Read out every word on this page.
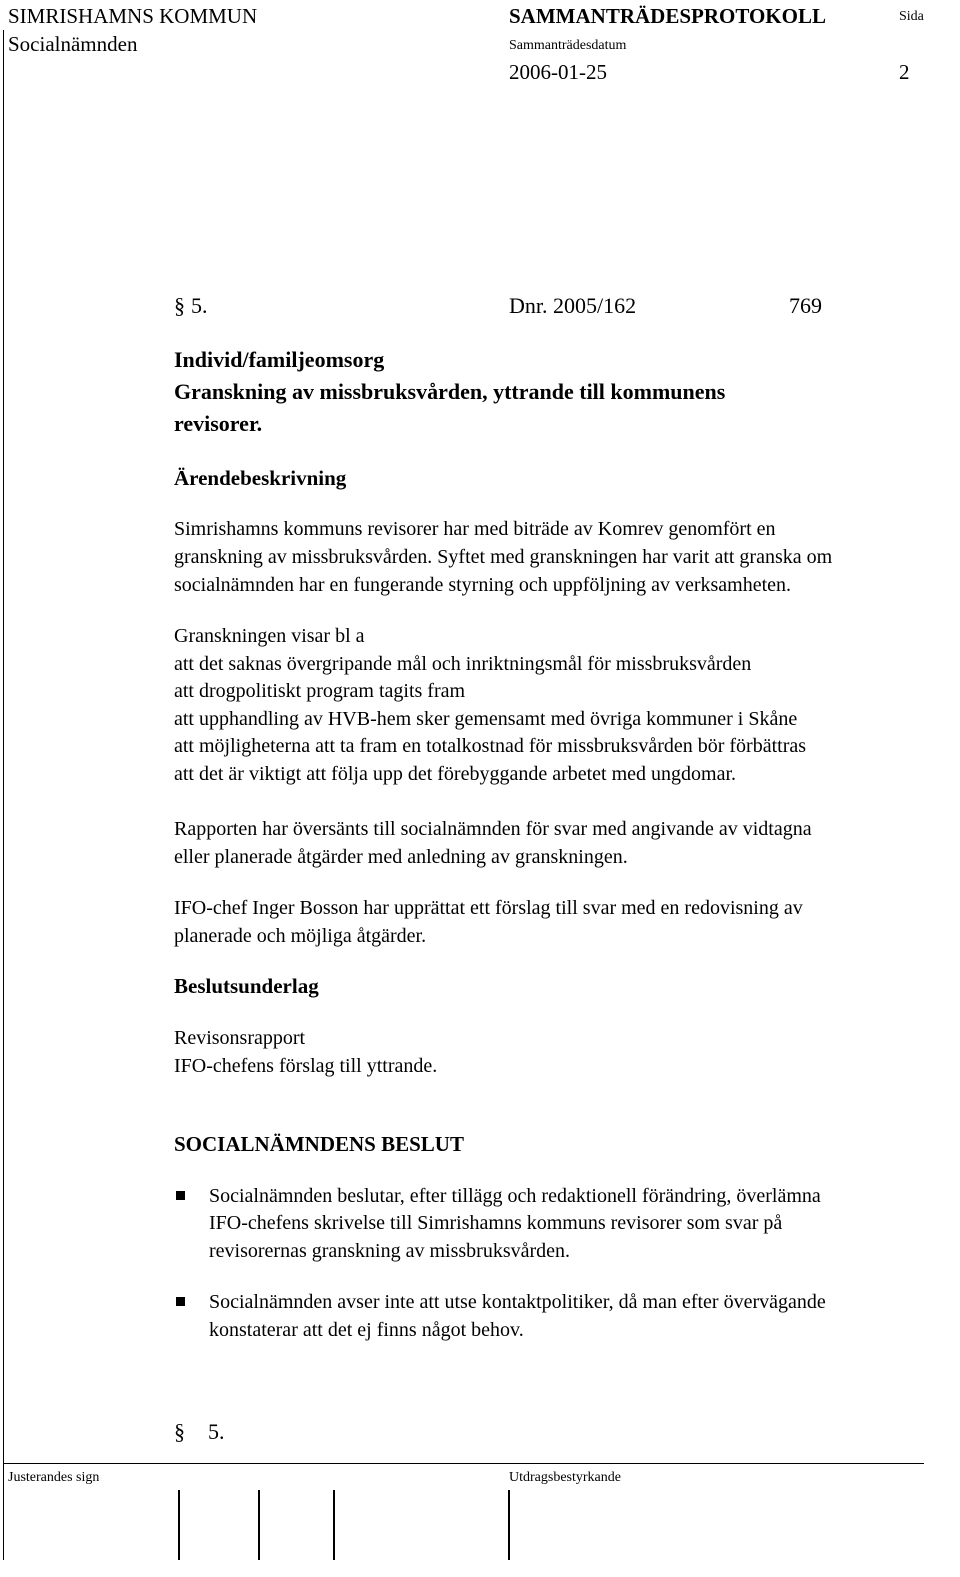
SIMRISHAMNS KOMMUN
Socialnämnden
SAMMANTRÄDESPROTOKOLL
Sammanträdesdatum
2006-01-25
Sida
2
§ 5.	Dnr. 2005/162	769
Individ/familjeomsorg
Granskning av missbruksvården, yttrande till kommunens
revisorer.
Ärendebeskrivning
Simrishamns kommuns revisorer har med biträde av Komrev genomfört en
granskning av missbruksvården. Syftet med granskningen har varit att granska om
socialnämnden har en fungerande styrning och uppföljning av verksamheten.
Granskningen visar bl a
att det saknas övergripande mål och inriktningsmål för missbruksvården
att drogpolitiskt program tagits fram
att upphandling av HVB-hem sker gemensamt med övriga kommuner i Skåne
att möjligheterna att ta fram en totalkostnad för missbruksvården bör förbättras
att det är viktigt att följa upp det förebyggande arbetet med ungdomar.
Rapporten har översänts till socialnämnden för svar med angivande av vidtagna
eller planerade åtgärder med anledning av granskningen.
IFO-chef Inger Bosson har upprättat ett förslag till svar med en redovisning av
planerade och möjliga åtgärder.
Beslutsunderlag
Revisonsrapport
IFO-chefens förslag till yttrande.
SOCIALNÄMNDENS BESLUT
Socialnämnden beslutar, efter tillägg och redaktionell förändring, överlämna
IFO-chefens skrivelse till Simrishamns kommuns revisorer som svar på
revisorernas granskning av missbruksvården.
Socialnämnden avser inte att utse kontaktpolitiker, då man efter övervägande
konstaterar att det ej finns något behov.
§ 5.
Justerandes sign	Utdragsbestyrkande
